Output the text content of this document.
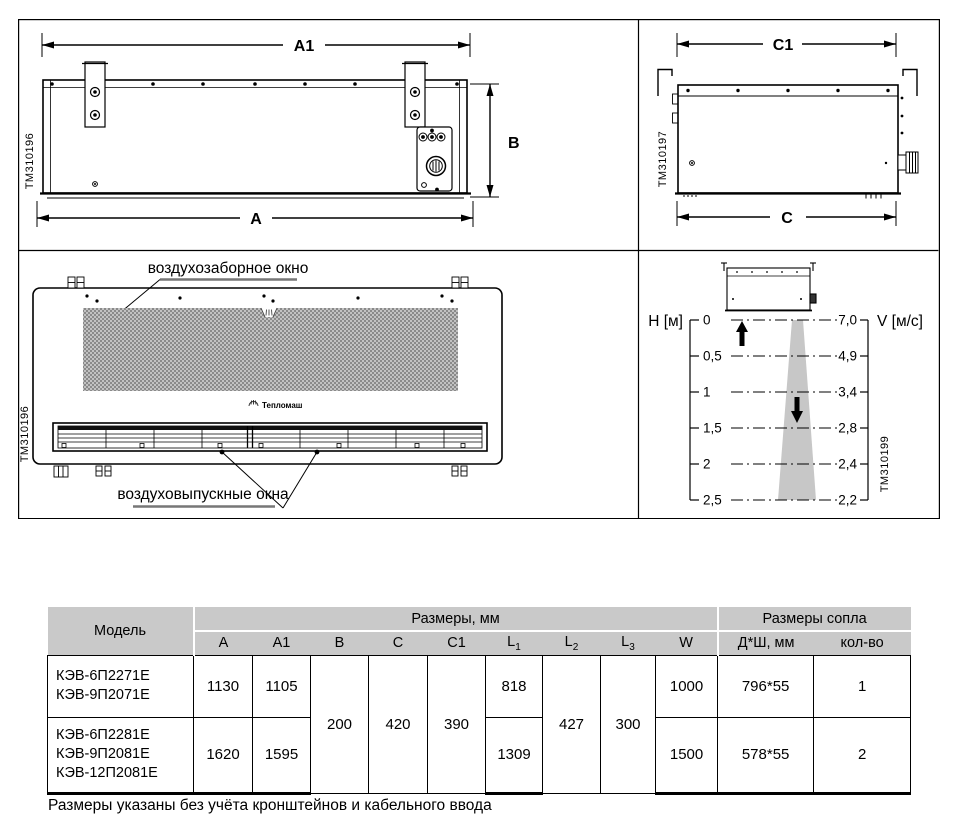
A1
B
A
TM310196
C1
C
TM310197
воздухозаборное окно
Тепломаш
воздуховыпускные окна
TM310196
H [м]	V [м/с]
0
0,5
1
1,5
2
2,5
7,0
4,9
3,4
2,8
2,4
2,2
TM310199
Модель	Размеры, мм									Размеры сопла	
	A	A1	B	C	C1	$L_1$	$L_2$	$L_3$	W	Д*Ш, мм	кол-во

КЭВ-6П2271Е
КЭВ-9П2071Е	1130	1105	200	420	390	818	427	300	1000	796*55	1

КЭВ-6П2281Е
КЭВ-9П2081Е
КЭВ-12П2081Е	1620	1595				1309			1500	578*55	2
Размеры указаны без учёта кронштейнов и кабельного ввода
